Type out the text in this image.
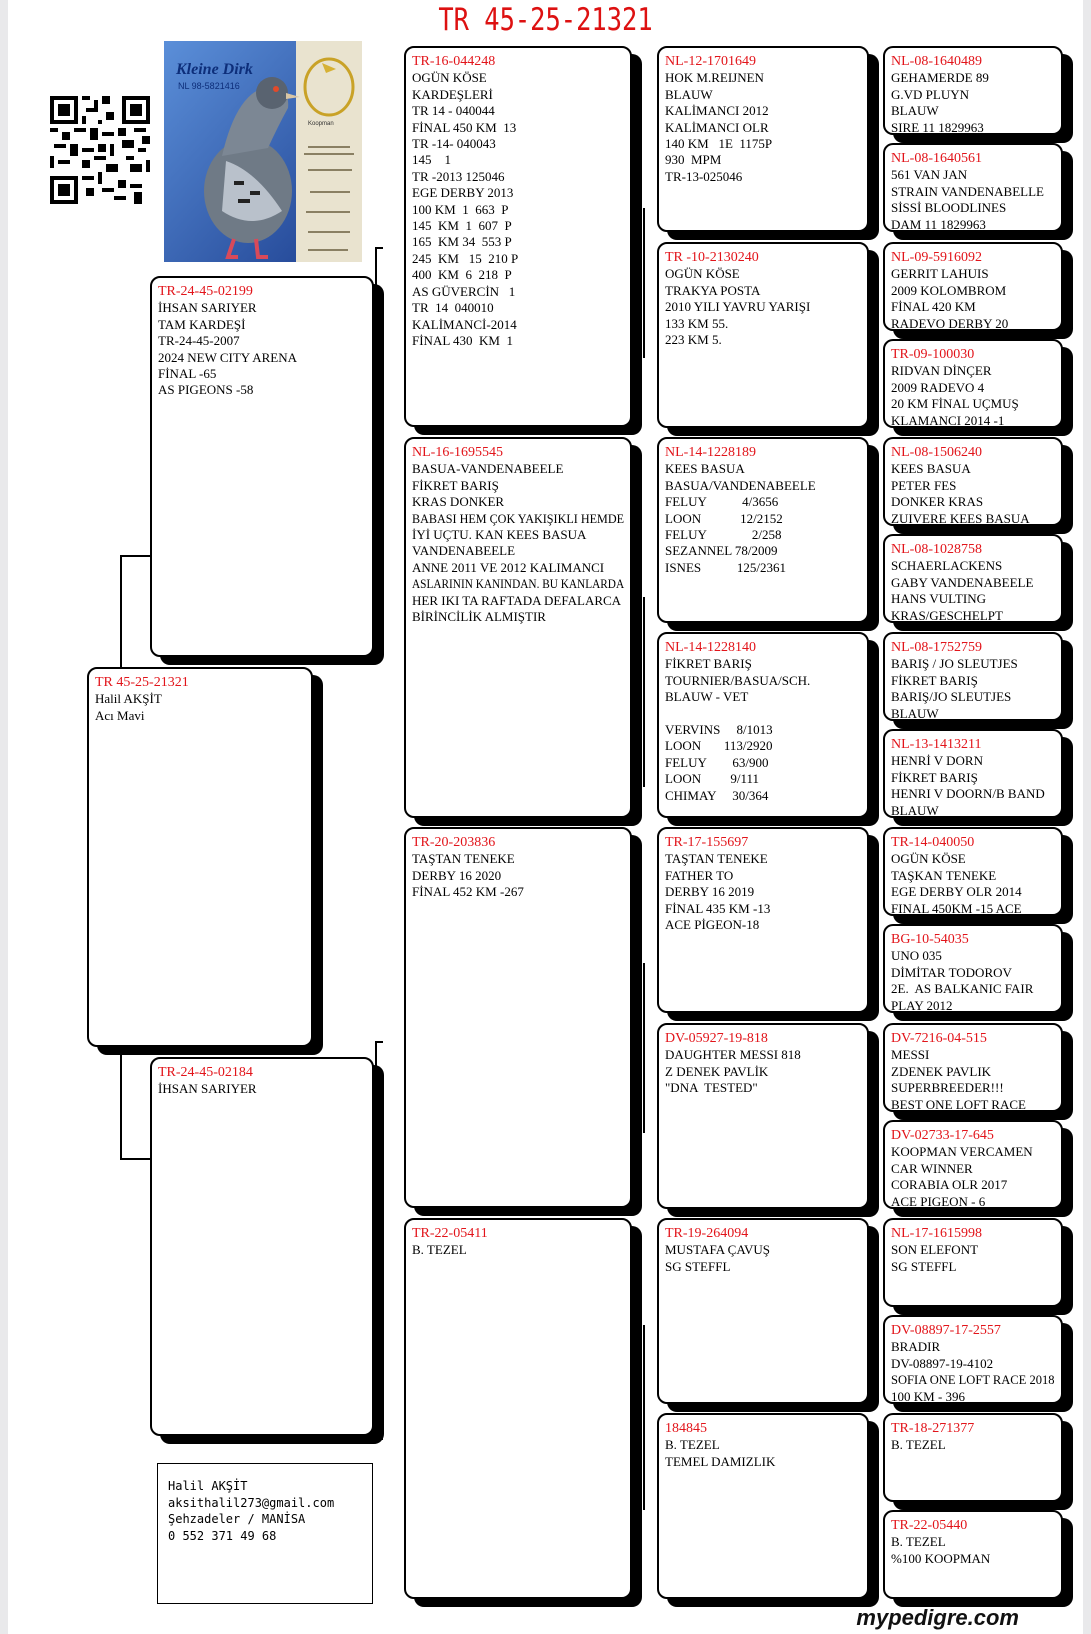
TR 45-25-21321
Kleine Dirk
NL 98-5821416
Koopman
TR 45-25-21321
Halil AKŞİT
Acı Mavi
TR-24-45-02199
İHSAN SARIYER
TAM KARDEŞİ
TR-24-45-2007
2024 NEW CITY ARENA
FİNAL -65
AS PIGEONS -58
TR-24-45-02184
İHSAN SARIYER
TR-16-044248
OGÜN KÖSE
KARDEŞLERİ
TR 14 - 040044
FİNAL 450 KM  13
TR -14- 040043
145    1
TR -2013 125046
EGE DERBY 2013
100 KM  1  663  P
145  KM  1  607  P
165  KM 34  553 P
245  KM   15  210 P
400  KM  6  218  P
AS GÜVERCİN   1
TR  14  040010
KALİMANCİ-2014
FİNAL 430  KM  1
NL-16-1695545
BASUA-VANDENABEELE
FİKRET BARIŞ
KRAS DONKER
BABASI HEM ÇOK YAKIŞIKLI HEMDE
İYİ UÇTU. KAN KEES BASUA
VANDENABEELE
ANNE 2011 VE 2012 KALIMANCI
ASLARININ KANINDAN. BU KANLARDA
HER IKI TA RAFTADA DEFALARCA
BİRİNCİLİK ALMIŞTIR
TR-20-203836
TAŞTAN TENEKE
DERBY 16 2020
FİNAL 452 KM -267
TR-22-05411
B. TEZEL
NL-12-1701649
HOK M.REIJNEN
BLAUW
KALİMANCI 2012
KALİMANCI OLR
140 KM   1E  1175P
930  MPM
TR-13-025046
TR -10-2130240
OGÜN KÖSE
TRAKYA POSTA
2010 YILI YAVRU YARIŞI
133 KM 55.
223 KM 5.
NL-14-1228189
KEES BASUA
BASUA/VANDENABEELE
FELUY           4/3656
LOON            12/2152
FELUY              2/258
SEZANNEL 78/2009
ISNES           125/2361
NL-14-1228140
FİKRET BARIŞ
TOURNIER/BASUA/SCH.
BLAUW - VET
VERVINS     8/1013
LOON       113/2920
FELUY        63/900
LOON         9/111
CHIMAY     30/364
TR-17-155697
TAŞTAN TENEKE
FATHER TO
DERBY 16 2019
FİNAL 435 KM -13
ACE PİGEON-18
DV-05927-19-818
DAUGHTER MESSI 818
Z DENEK PAVLİK
"DNA  TESTED"
TR-19-264094
MUSTAFA ÇAVUŞ
SG STEFFL
184845
B. TEZEL
TEMEL DAMIZLIK
NL-08-1640489
GEHAMERDE 89
G.VD PLUYN
BLAUW
SIRE 11 1829963
NL-08-1640561
561 VAN JAN
STRAIN VANDENABELLE
SİSSİ BLOODLINES
DAM 11 1829963
NL-09-5916092
GERRIT LAHUIS
2009 KOLOMBROM
FİNAL 420 KM
RADEVO DERBY 20
TR-09-100030
RIDVAN DİNÇER
2009 RADEVO 4
20 KM FİNAL UÇMUŞ
KLAMANCI 2014 -1
NL-08-1506240
KEES BASUA
PETER FES
DONKER KRAS
ZUIVERE KEES BASUA
NL-08-1028758
SCHAERLACKENS
GABY VANDENABEELE
HANS VULTING
KRAS/GESCHELPT
NL-08-1752759
BARIŞ / JO SLEUTJES
FİKRET BARIŞ
BARIŞ/JO SLEUTJES
BLAUW
NL-13-1413211
HENRİ V DORN
FİKRET BARIŞ
HENRI V DOORN/B BAND
BLAUW
TR-14-040050
OGÜN KÖSE
TAŞKAN TENEKE
EGE DERBY OLR 2014
FINAL 450KM -15 ACE
BG-10-54035
UNO 035
DİMİTAR TODOROV
2E.  AS BALKANIC FAIR
PLAY 2012
DV-7216-04-515
MESSI
ZDENEK PAVLIK
SUPERBREEDER!!!
BEST ONE LOFT RACE
DV-02733-17-645
KOOPMAN VERCAMEN
CAR WINNER
CORABIA OLR 2017
ACE PIGEON - 6
NL-17-1615998
SON ELEFONT
SG STEFFL
DV-08897-17-2557
BRADIR
DV-08897-19-4102
SOFIA ONE LOFT RACE 2018
100 KM - 396
TR-18-271377
B. TEZEL
TR-22-05440
B. TEZEL
%100 KOOPMAN
Halil AKŞİT
aksithalil273@gmail.com
Şehzadeler / MANİSA
0 552 371 49 68
mypedigre.com
